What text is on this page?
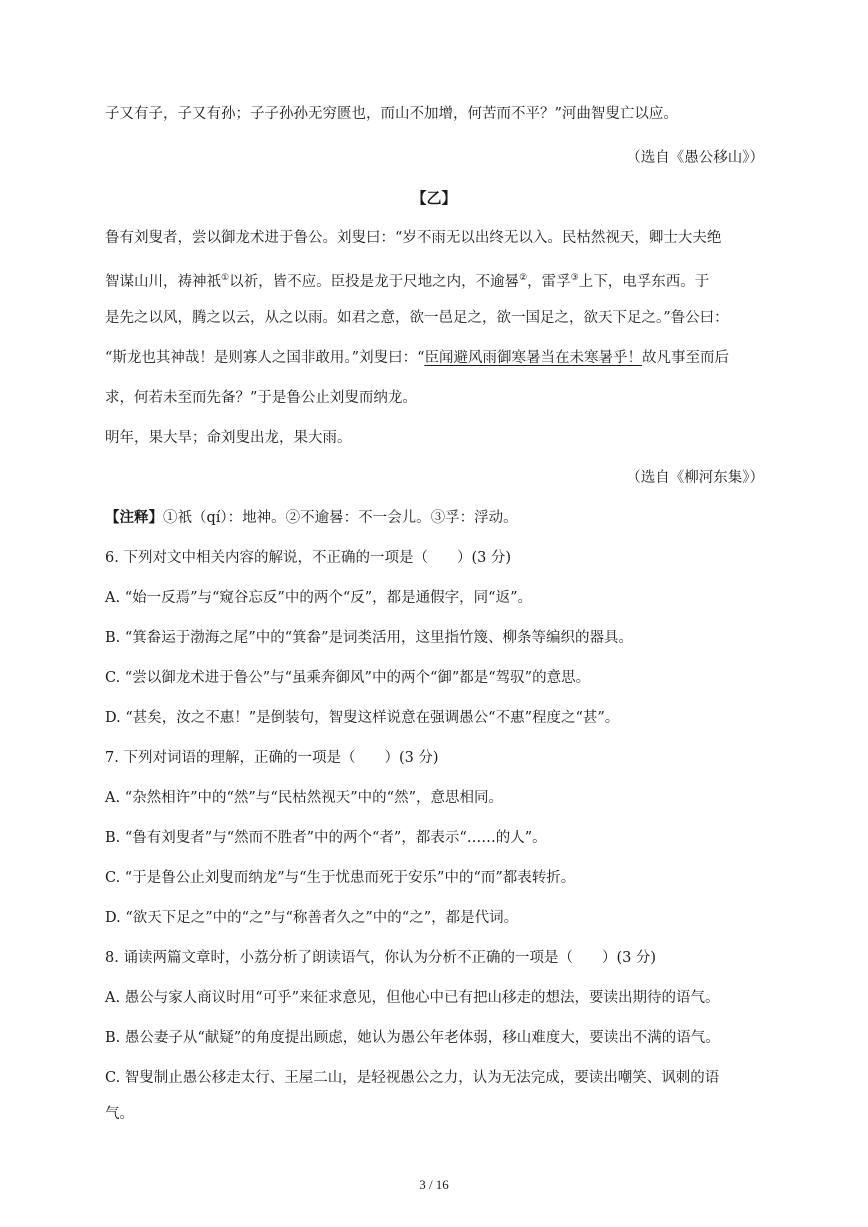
子又有子，子又有孙；子子孙孙无穷匮也，而山不加增，何苦而不平？”河曲智叟亡以应。
（选自《愚公移山》）
【乙】
鲁有刘叟者，尝以御龙术进于鲁公。刘叟曰：“岁不雨无以出终无以入。民枯然视天，卿士大夫绝
智谋山川，祷神祇①以祈，皆不应。臣投是龙于尺地之内，不逾晷②，雷孚③上下，电孚东西。于
是先之以风，腾之以云，从之以雨。如君之意，欲一邑足之，欲一国足之，欲天下足之。”鲁公曰：
“斯龙也其神哉！是则寡人之国非敢用。”刘叟曰：“臣闻避风雨御寒暑当在未寒暑乎！故凡事至而后
求，何若未至而先备？”于是鲁公止刘叟而纳龙。
明年，果大旱；命刘叟出龙，果大雨。
（选自《柳河东集》）
【注释】①祇（qí）：地神。②不逾晷：不一会儿。③孚：浮动。
6. 下列对文中相关内容的解说，不正确的一项是（　　）(3 分)
A. “始一反焉”与“窥谷忘反”中的两个“反”，都是通假字，同“返”。
B. “箕畚运于渤海之尾”中的“箕畚”是词类活用，这里指竹篾、柳条等编织的器具。
C. “尝以御龙术进于鲁公”与“虽乘奔御风”中的两个“御”都是“驾驭”的意思。
D. “甚矣，汝之不惠！”是倒装句，智叟这样说意在强调愚公“不惠”程度之“甚”。
7. 下列对词语的理解，正确的一项是（　　）(3 分)
A. “杂然相许”中的“然”与“民枯然视天”中的“然”，意思相同。
B. “鲁有刘叟者”与“然而不胜者”中的两个“者”，都表示“……的人”。
C. “于是鲁公止刘叟而纳龙”与“生于忧患而死于安乐”中的“而”都表转折。
D. “欲天下足之”中的“之”与“称善者久之”中的“之”，都是代词。
8. 诵读两篇文章时，小荔分析了朗读语气，你认为分析不正确的一项是（　　）(3 分)
A. 愚公与家人商议时用“可乎”来征求意见，但他心中已有把山移走的想法，要读出期待的语气。
B. 愚公妻子从“献疑”的角度提出顾虑，她认为愚公年老体弱，移山难度大，要读出不满的语气。
C. 智叟制止愚公移走太行、王屋二山，是轻视愚公之力，认为无法完成，要读出嘲笑、讽刺的语
气。
3 / 16
